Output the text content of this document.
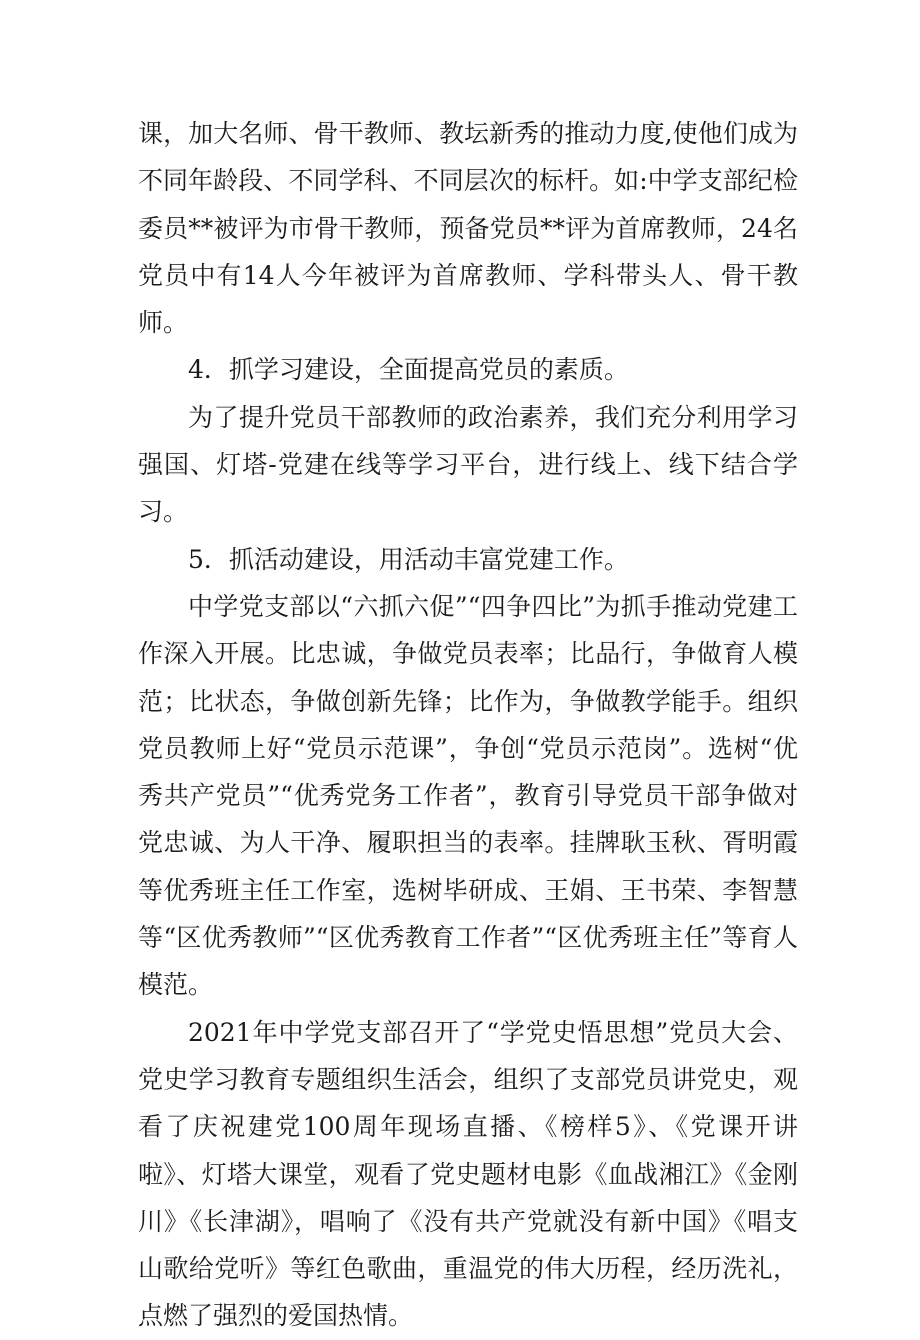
课，加大名师、骨干教师、教坛新秀的推动力度,使他们成为不同年龄段、不同学科、不同层次的标杆。如:中学支部纪检委员**被评为市骨干教师，预备党员**评为首席教师，24名党员中有14人今年被评为首席教师、学科带头人、骨干教师。

4．抓学习建设，全面提高党员的素质。

为了提升党员干部教师的政治素养，我们充分利用学习强国、灯塔-党建在线等学习平台，进行线上、线下结合学习。

5．抓活动建设，用活动丰富党建工作。

中学党支部以“六抓六促”“四争四比”为抓手推动党建工作深入开展。比忠诚，争做党员表率；比品行，争做育人模范；比状态，争做创新先锋；比作为，争做教学能手。组织党员教师上好“党员示范课”，争创“党员示范岗”。选树“优秀共产党员”“优秀党务工作者”，教育引导党员干部争做对党忠诚、为人干净、履职担当的表率。挂牌耿玉秋、胥明霞等优秀班主任工作室，选树毕研成、王娟、王书荣、李智慧等“区优秀教师”“区优秀教育工作者”“区优秀班主任”等育人模范。

2021年中学党支部召开了“学党史悟思想”党员大会、党史学习教育专题组织生活会，组织了支部党员讲党史，观看了庆祝建党100周年现场直播、《榜样5》、《党课开讲啦》、灯塔大课堂，观看了党史题材电影《血战湘江》《金刚川》《长津湖》，唱响了《没有共产党就没有新中国》《唱支山歌给党听》等红色歌曲，重温党的伟大历程，经历洗礼，点燃了强烈的爱国热情。
